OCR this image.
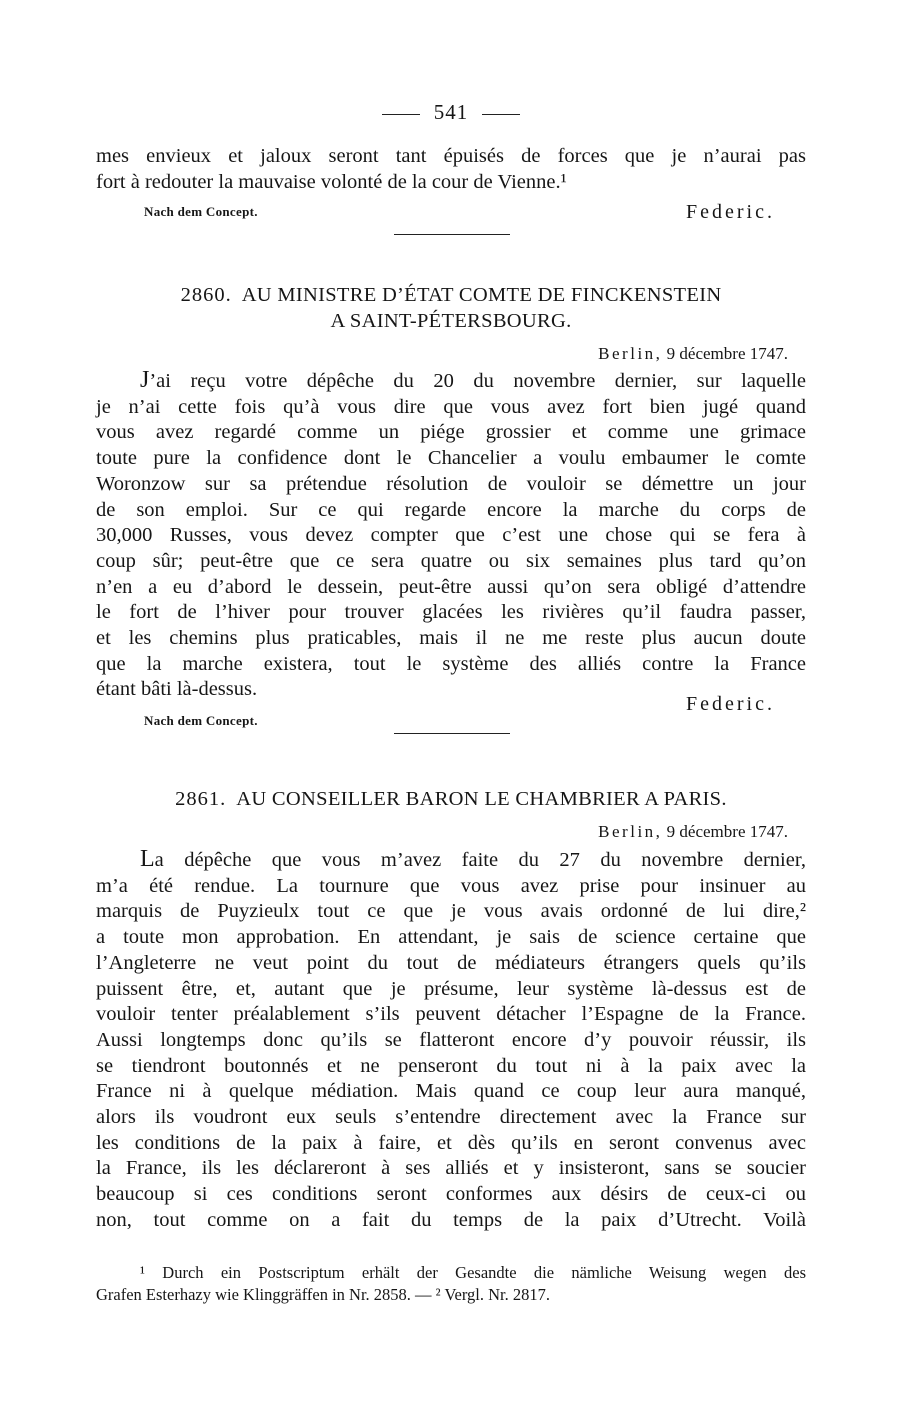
541

mes envieux et jaloux seront tant épuisés de forces que je n’aurai pas
fort à redouter la mauvaise volonté de la cour de Vienne.¹

Nach dem Concept.	Federic.
2860. AU MINISTRE D’ÉTAT COMTE DE FINCKENSTEIN
A SAINT-PÉTERSBOURG.
Berlin, 9 décembre 1747.

J’ai reçu votre dépêche du 20 du novembre dernier, sur laquelle
je n’ai cette fois qu’à vous dire que vous avez fort bien jugé quand
vous avez regardé comme un piége grossier et comme une grimace
toute pure la confidence dont le Chancelier a voulu embaumer le comte
Woronzow sur sa prétendue résolution de vouloir se démettre un jour
de son emploi. Sur ce qui regarde encore la marche du corps de
30,000 Russes, vous devez compter que c’est une chose qui se fera à
coup sûr; peut-être que ce sera quatre ou six semaines plus tard qu’on
n’en a eu d’abord le dessein, peut-être aussi qu’on sera obligé d’attendre
le fort de l’hiver pour trouver glacées les rivières qu’il faudra passer,
et les chemins plus praticables, mais il ne me reste plus aucun doute
que la marche existera, tout le système des alliés contre la France
étant bâti là-dessus.

Federic.
Nach dem Concept.
2861. AU CONSEILLER BARON LE CHAMBRIER A PARIS.
Berlin, 9 décembre 1747.

La dépêche que vous m’avez faite du 27 du novembre dernier,
m’a été rendue. La tournure que vous avez prise pour insinuer au
marquis de Puyzieulx tout ce que je vous avais ordonné de lui dire,²
a toute mon approbation. En attendant, je sais de science certaine que
l’Angleterre ne veut point du tout de médiateurs étrangers quels qu’ils
puissent être, et, autant que je présume, leur système là-dessus est de
vouloir tenter préalablement s’ils peuvent détacher l’Espagne de la France.
Aussi longtemps donc qu’ils se flatteront encore d’y pouvoir réussir, ils
se tiendront boutonnés et ne penseront du tout ni à la paix avec la
France ni à quelque médiation. Mais quand ce coup leur aura manqué,
alors ils voudront eux seuls s’entendre directement avec la France sur
les conditions de la paix à faire, et dès qu’ils en seront convenus avec
la France, ils les déclareront à ses alliés et y insisteront, sans se soucier
beaucoup si ces conditions seront conformes aux désirs de ceux-ci ou
non, tout comme on a fait du temps de la paix d’Utrecht. Voilà

¹ Durch ein Postscriptum erhält der Gesandte die nämliche Weisung wegen des
Grafen Esterhazy wie Klinggräffen in Nr. 2858. — ² Vergl. Nr. 2817.
